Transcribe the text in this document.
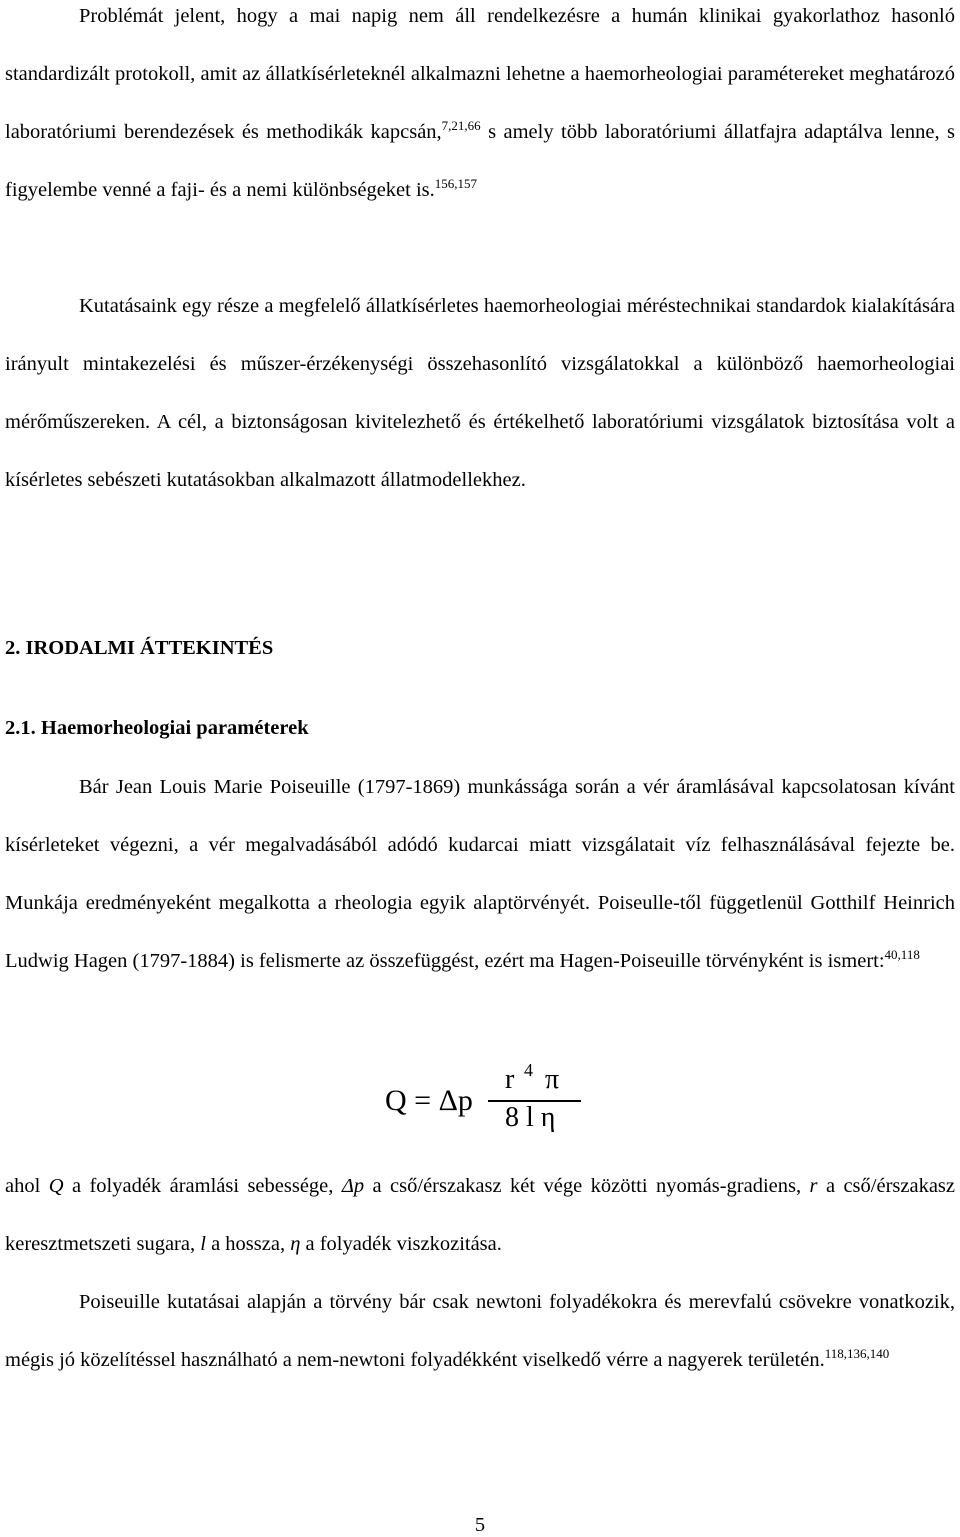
Problémát jelent, hogy a mai napig nem áll rendelkezésre a humán klinikai gyakorlathoz hasonló standardizált protokoll, amit az állatkísérleteknél alkalmazni lehetne a haemorheologiai paramétereket meghatározó laboratóriumi berendezések és methodikák kapcsán,$^{7,21,66}$ s amely több laboratóriumi állatfajra adaptálva lenne, s figyelembe venné a faji- és a nemi különbségeket is.$^{156,157}$

Kutatásaink egy része a megfelelő állatkísérletes haemorheologiai méréstechnikai standardok kialakítására irányult mintakezelési és műszer-érzékenységi összehasonlító vizsgálatokkal a különböző haemorheologiai mérőműszereken. A cél, a biztonságosan kivitelezhető és értékelhető laboratóriumi vizsgálatok biztosítása volt a kísérletes sebészeti kutatásokban alkalmazott állatmodellekhez.

2. IRODALMI ÁTTEKINTÉS
2.1. Haemorheologiai paraméterek

Bár Jean Louis Marie Poiseuille (1797-1869) munkássága során a vér áramlásával kapcsolatosan kívánt kísérleteket végezni, a vér megalvadásából adódó kudarcai miatt vizsgálatait víz felhasználásával fejezte be. Munkája eredményeként megalkotta a rheologia egyik alaptörvényét. Poiseulle-től függetlenül Gotthilf Heinrich Ludwig Hagen (1797-1884) is felismerte az összefüggést, ezért ma Hagen-Poiseuille törvényként is ismert:$^{40,118}$

Q = Δp
r 4 π
8 l η

ahol Q a folyadék áramlási sebessége, Δp a cső/érszakasz két vége közötti nyomás-gradiens, r a cső/érszakasz keresztmetszeti sugara, l a hossza, η a folyadék viszkozitása.

Poiseuille kutatásai alapján a törvény bár csak newtoni folyadékokra és merevfalú csövekre vonatkozik, mégis jó közelítéssel használható a nem-newtoni folyadékként viselkedő vérre a nagyerek területén.$^{118,136,140}$

5
